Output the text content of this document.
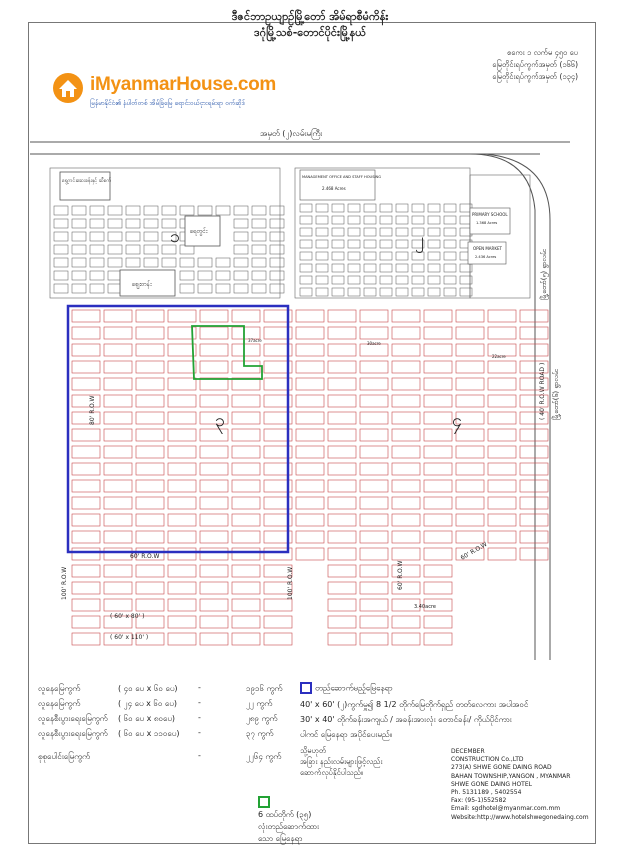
ဒီဇင်ဘာဥယျာဉ်မြို့တော် အိမ်ရာစီမံကိန်း
ဒဂုံမြို့သစ်-တောင်ပိုင်းမြို့နယ်
iMyanmarHouse.com
မြန်မာနိုင်ငံ၏ နံပါတ်တစ် အိမ်ခြံမြေ ရောင်းဝယ်ငှားရမ်းရာ ဝက်ဆိုဒ်
စကေး ၁ လက်မ ၄၅၀ ပေ
မြေတိုင်းရပ်ကွက်အမှတ် (၁၆၆)
မြေတိုင်းရပ်ကွက်အမှတ် (၁၃၄)
အမှတ် (၂)လမ်းမကြီး
မြို့တော်(၅) ရွာလမ်း
( 40' R.O.W ROAD ) မြို့တော်(၆) ရွာလမ်း
ရွေ့ကင်းဆေးခန်းနှင့် ဆီစက်
ရေတွင်း
ဈေးတန်း
MANAGEMENT OFFICE AND STAFF HOUSING
2.468 Acres
PRIMARY SCHOOL
1.368 Acres
OPEN MARKET
2.436 Acres
၁	၂
၃	၄
37acre
30acre
22acre
3.40acre
100' R.O.W
60' R.O.W
100' R.O.W	60' R.O.W
80' R.O.W
60' R.O.W
( 60' x 80' )
( 60' x 110' )
လူနေမြေကွက်	( ၄၀ ပေ x ၆၀ ပေ)	-	၁၉၁၆ ကွက်
လူနေမြေကွက်	( ၂၄ ပေ x ၆၀ ပေ)	-	၂၂ ကွက်
လူနေစီးပွားရေးမြေကွက် ( ၆၀ ပေ x ၈၀ပေ)	-	၂၈၉ ကွက်
လူနေစီးပွားရေးမြေကွက် ( ၆၀ ပေ x ၁၁၀ပေ) -	၃၇ ကွက်
စုစုပေါင်းမြေကွက်	-	၂၂၆၄ ကွက်
တည်ဆောက်မည့်မြေနေရာ
40' x 60' (၂)ကွက်မှူ၍ 8 1/2 တိုက်မြေတိုက်ရှည် တတ်လေကား အပါအဝင်
30' x 40' တိုက်ခန်းအကျယ် / အခန်းအားလုံး တောင်ခန်း/ ကိုယ်ပိုင်ကား
ပါကင် မြေနေရာ အပိုင်ပေးမည်။
သို့မဟုတ်
အခြား နည်းလမ်းများဖြင့်လည်း
ဆောက်လုပ်နိုင်ပါသည်။
DECEMBER
CONSTRUCTION Co.,LTD
273(A) SHWE GONE DAING ROAD
BAHAN TOWNSHIP,YANGON , MYANMAR
SHWE GONE DAING HOTEL
Ph. 5131189 , 5402554
Fax: (95-1)552582
Email: sgdhotel@myanmar.com.mm
Website:http://www.hotelshwegonedaing.com
6 ထပ်တိုက် (၃၅)
လုံးတည်ဆောက်ထား
သော မြေနေရာ
